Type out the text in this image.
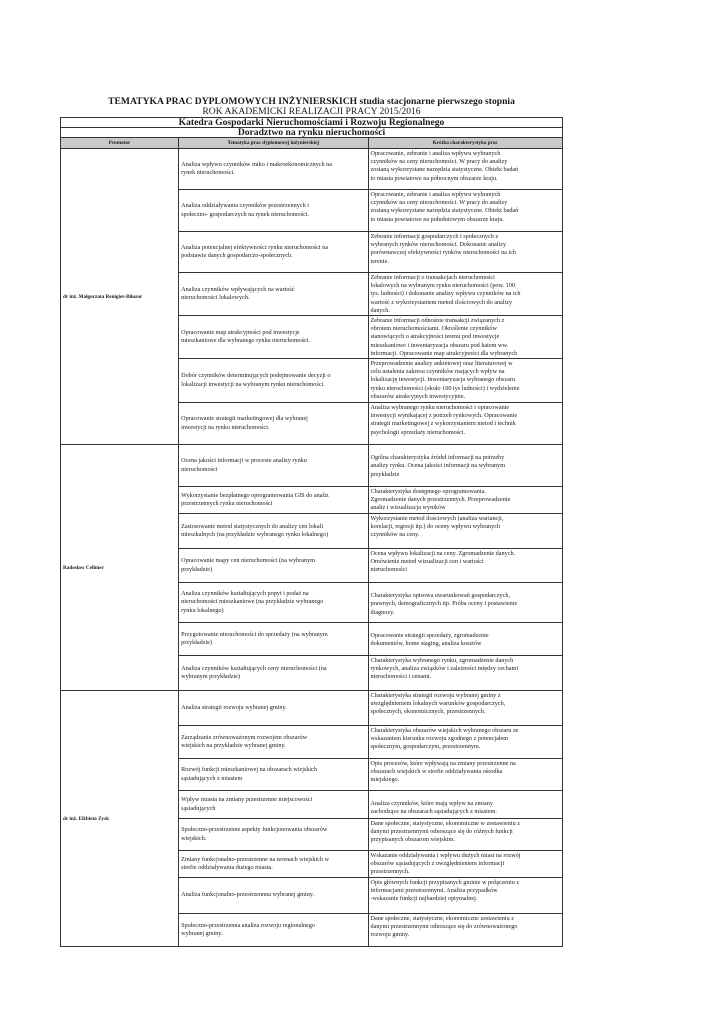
TEMATYKA PRAC DYPLOMOWYCH INŻYNIERSKICH studia stacjonarne pierwszego stopnia
ROK AKADEMICKI REALIZACJI PRACY 2015/2016
Katedra Gospodarki Nieruchomościami i Rozwoju Regionalnego
Doradztwo na rynku nieruchomości
Promotor	Tematyka prac dyplomowej inżynierskiej	Krótka charakterystyka prac
dr inż. Małgorzata Renigier-Biłozor	Analiza wpływu czynników miko i makroekonomicznych na
rynek nieruchomości.	Opracowanie, zebranie i analiza wpływu wybranych
czynników na ceny nieruchomości. W pracy do analizy
zostaną wykorzystane narzędzia statystyczne. Obiekt badań
to miasta powiatowe na północnym obszarze kraju.

	Analiza oddziaływania czynników przestrzennych i
społeczno- gospodarczych na rynek nieruchomości.	Opracowanie, zebranie i analiza wpływu wybranych
czynników na ceny nieruchomości. W pracy do analizy
zostaną wykorzystane narzędzia statystyczne. Obiekt badań
to miasta powiatowe na południowym obszarze kraju.

	Analiza potencjalnej efektywności rynku nieruchomości na
podstawie danych gospodarczo-społecznych.	Zebranie informacji gospodarczych i społecznych z
wybranych rynków nieruchomości. Dokonanie analizy
porównawczej efektywności rynków nieruchomości na ich
terenie.

	Analiza czynników wpływających na wartość
nieruchomości lokalowych.	Zebranie informacji o transakcjach nieruchomości
lokalowych na wybranym rynku nieruchomości (pow. 100
tys. ludności) i dokonanie analizy wpływu czynników na ich
wartość z wykorzystaniem metod ilościowych do analizy
danych.

	Opracowanie map atrakcyjności pod inwestycje
mieszkaniowe dla wybranego rynku nieruchomości.	Zebranie informacji odnośnie transakcji związanych z
obrotem nieruchomościami. Określenie czynników
stanowiących o atrakcyjności terenu pod inwestycje
mieszkaniowe i inwentaryzacja obszaru pod katem ww.
informacji. Opracowanie map atrakcyjności dla wybranych

	Dobór czynników determinujących podejmowanie decyzji o
lokalizacji inwestycji na wybranym rynku nieruchomości.	Przeprowadzenie analizy ankietowej oraz literaturowej w
celu ustalenia zakresu czynników mających wpływ na
lokalizację inwestycji. Inwentaryzacja wybranego obszaru
rynku nieruchomości (około 100 tys ludności) i wydzielenie
obszarów atrakcyjnych inwestycyjnie.

	Opracowanie strategii marketingowej dla wybranej
inwestycji na rynku nieruchomości.	Analiza wybranego rynku nieruchomości i opracowanie
inwestycji wynikającej z potrzeb rynkowych. Opracowanie
strategii marketingowej z wykorzystaniem metod i technik
psychologii sprzedaży nieruchomości.

Radosław Cellmer	Ocena jakości informacji w procesie analizy rynku
nieruchomości	Ogólna charakterystyka źródeł informacji na potrzeby
analizy rynku. Ocena jakości informacji na wybranym
przykładzie

	Wykorzystanie bezpłatnego oprogramowania GIS do analiz
przestrzennych rynku nieruchomości	Charakterystyka dostępnego oprogramowania.
Zgromadzenie danych przestrzennych. Przeprowadzenie
analiz i wizualizacja wyników

	Zastosowanie metod statystycznych do analizy cen lokali
mieszkalnych (na przykładzie wybranego rynku lokalnego)	Wykorzystanie metod ilościowych (analiza wariancji,
korelacji, regresji itp.) do oceny wpływu wybranych
czynników na ceny.

	Opracowanie mapy cen nieruchomości (na wybranym
przykładzie)	Ocena wpływu lokalizacji na ceny. Zgromadzenie danych.
Omówienie metod wizualizacji cen i wartości
nieruchomości

	Analiza czynników kształtujących popyt i podaż na
nieruchomości mieszkaniowe (na przykładzie wybranego
rynku lokalnego)	Charakterystyka opisowa uwarunkowań gospodarczych,
prawnych, demograficznych itp. Próba oceny i postawienie
diagnozy.

	Przygotowanie nieruchomości do sprzedaży (na wybranym
przykładzie)	Opracowanie strategii sprzedaży, zgromadzenie
dokumentów, home staging, analiza kosztów

	Analiza czynników kształtujących ceny nieruchomości (na
wybranym przykładzie)	Charakterystyka wybranego rynku, zgromadzenie danych
rynkowych, analiza związków i zależności między cechami
nieruchomości i cenami.

dr inż. Elżbieta Zysk	Analiza strategii rozwoju wybranej gminy.	Charakterystyka strategii rozwoju wybranej gminy z
uwzględnieniem lokalnych warunków gospodarczych,
społecznych, ekonomicznych, przestrzennych.

	Zarządzanie zrównoważonym rozwojem obszarów
wiejskich na przykładzie wybranej gminy.	Charakterystyka obszarów wiejskich wybranego obszaru ze
wskazaniem kierunku rozwoju zgodnego z potencjałem
społecznym, gospodarczym, przestrzennym.

	Rozwój funkcji mieszkaniowej na obszarach wiejskich
sąsiadujących z miastem	Opis procesów, które wpływają na zmiany przestrzenne na
obszarach wiejskich w strefie oddziaływania ośrodka
miejskiego.

	Wpływ miasta na zmiany przestrzenne miejscowości
sąsiadujących	Analiza czynników, które mają wpływ na zmiany
zachodzące na obszarach sąsiadujących z miastem.

	Społeczno-przestrzenne aspekty funkcjonowania obszarów
wiejskich.	Dane społeczne, statystyczne, ekonomiczne w zestawieniu z
danymi przestrzennymi odnoszące się do różnych funkcji
przypisanych obszarom wiejskim.

	Zmiany funkcjonalno-przestrzenne na terenach wiejskich w
strefie oddziaływania dużego miasta.	Wskazanie oddziaływania i wpływu dużych miast na rozwój
obszarów sąsiadujących z uwzględnieniem informacji
przestrzennych.

	Analiza funkcjonalno-przestrzennna wybranej gminy.	Opis głównych funkcji przypisanych gminie w połączeniu z
informacjami przestrzennymi. Analiza przypadków
-wskazanie funkcji najbardziej optymalnej.

	Społeczno-przestrzenna analiza rozwoju regionalnego
wybranej gminy.	Dane społeczne, statystyczne, ekonomiczne zestawieniu z
danymi przestrzennymi odnoszące się do zrównoważonego
rozwoju gminy.
